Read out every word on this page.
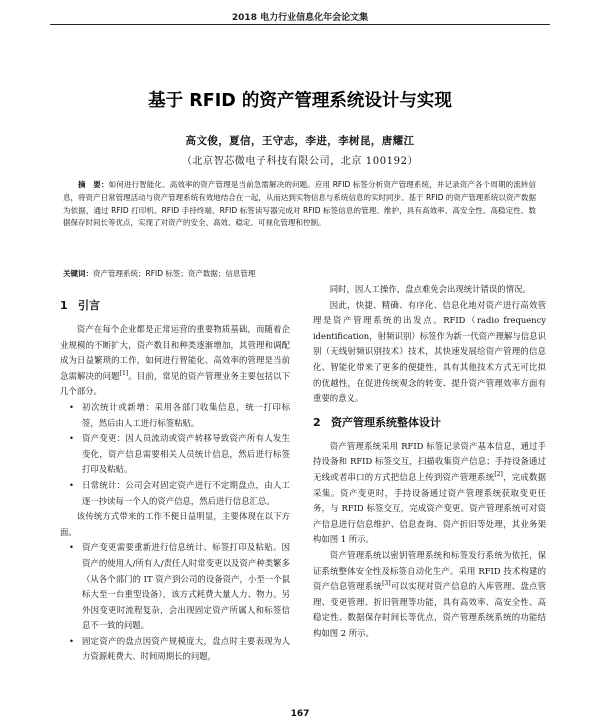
2018 电力行业信息化年会论文集
基于 RFID 的资产管理系统设计与实现
高文俊，夏信，王守志，李进，李树昆，唐耀江
（北京智芯微电子科技有限公司，北京 100192）
摘　要：如何进行智能化、高效率的资产管理是当前急需解决的问题。应用 RFID 标签分析资产管理系统，并记录资产各个周期的流转信息，将资产日常管理活动与资产管理系统有效地结合在一起，从而达到实物信息与系统信息的实时同步。基于 RFID 的资产管理系统以资产数据为依据，通过 RFID 打印机、RFID 手持终端、RFID 标签读写器完成对 RFID 标签信息的管理、维护，具有高效率、高安全性、高稳定性、数据保存时间长等优点，实现了对资产的安全、高效、稳定、可视化管理和控制。
关键词：资产管理系统；RFID 标签；资产数据；信息管理
1 引言

资产在每个企业都是正常运营的重要物质基础，而随着企业规模的不断扩大，资产数目和种类逐渐增加，其管理和调配成为日益繁琐的工作，如何进行智能化、高效率的管理是当前急需解决的问题[1]。目前，常见的资产管理业务主要包括以下几个部分。

• 初次统计或新增：采用各部门收集信息，统一打印标签，然后由人工进行标签粘贴。
• 资产变更：因人员流动或资产转移导致资产所有人发生变化，资产信息需要相关人员统计信息，然后进行标签打印及粘贴。
• 日常统计：公司会对固定资产进行不定期盘点，由人工逐一抄读每一个人的资产信息，然后进行信息汇总。

该传统方式带来的工作不便日益明显，主要体现在以下方面。

• 资产变更需要重新进行信息统计、标签打印及粘贴。因资产的使用人/所有人/责任人时常变更以及资产种类繁多（从各个部门的 IT 资产到公司的设备资产，小至一个鼠标大至一台重型设备），该方式耗费大量人力、物力。另外因变更时流程复杂，会出现固定资产所属人和标签信息不一致的问题。
• 固定资产的盘点因资产规模庞大，盘点时主要表现为人力资源耗费大、时间周期长的问题，

同时，因人工操作，盘点难免会出现统计错误的情况。

因此，快捷、精确、有序化、信息化地对资产进行高效管理是资产管理系统的出发点。RFID（radio frequency identification，射频识别）标签作为新一代资产理解与信息识别（无线射频识别技术）技术，其快速发展给资产管理的信息化、智能化带来了更多的便捷性，具有其他技术方式无可比拟的优越性，在促进传统观念的转变、提升资产管理效率方面有重要的意义。

2 资产管理系统整体设计

资产管理系统采用 RFID 标签记录资产基本信息，通过手持设备和 RFID 标签交互，扫描收集资产信息；手持设备通过无线或者串口的方式把信息上传到资产管理系统[2]，完成数据采集。资产变更时，手持设备通过资产管理系统获取变更任务，与 RFID 标签交互，完成资产变更。资产管理系统可对资产信息进行信息维护、信息查询、资产折旧等处理，其业务架构如图 1 所示。

资产管理系统以密钥管理系统和标签发行系统为依托，保证系统整体安全性及标签自动化生产。采用 RFID 技术构建的资产信息管理系统[3]可以实现对资产信息的入库管理、盘点管理、变更管理、折旧管理等功能，具有高效率、高安全性、高稳定性、数据保存时间长等优点，资产管理系统系统的功能结构如图 2 所示。

167
